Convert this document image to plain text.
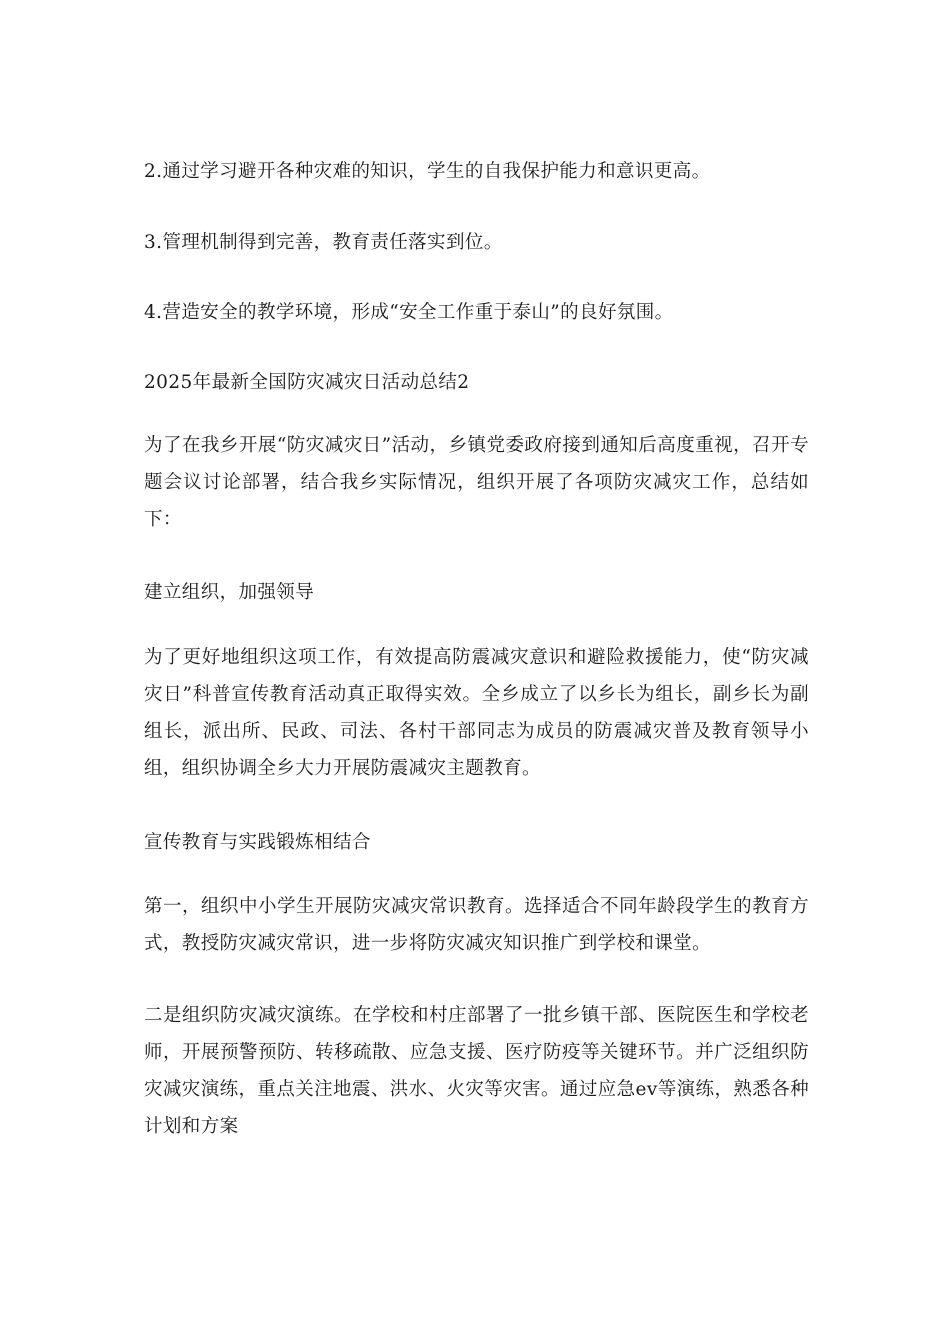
2.通过学习避开各种灾难的知识，学生的自我保护能力和意识更高。

3.管理机制得到完善，教育责任落实到位。

4.营造安全的教学环境，形成“安全工作重于泰山”的良好氛围。

2025年最新全国防灾减灾日活动总结2

为了在我乡开展“防灾减灾日”活动，乡镇党委政府接到通知后高度重视，召开专题会议讨论部署，结合我乡实际情况，组织开展了各项防灾减灾工作，总结如下：

建立组织，加强领导

为了更好地组织这项工作，有效提高防震减灾意识和避险救援能力，使“防灾减灾日”科普宣传教育活动真正取得实效。全乡成立了以乡长为组长，副乡长为副组长，派出所、民政、司法、各村干部同志为成员的防震减灾普及教育领导小组，组织协调全乡大力开展防震减灾主题教育。

宣传教育与实践锻炼相结合

第一，组织中小学生开展防灾减灾常识教育。选择适合不同年龄段学生的教育方式，教授防灾减灾常识，进一步将防灾减灾知识推广到学校和课堂。

二是组织防灾减灾演练。在学校和村庄部署了一批乡镇干部、医院医生和学校老师，开展预警预防、转移疏散、应急支援、医疗防疫等关键环节。并广泛组织防灾减灾演练，重点关注地震、洪水、火灾等灾害。通过应急ev等演练，熟悉各种计划和方案
